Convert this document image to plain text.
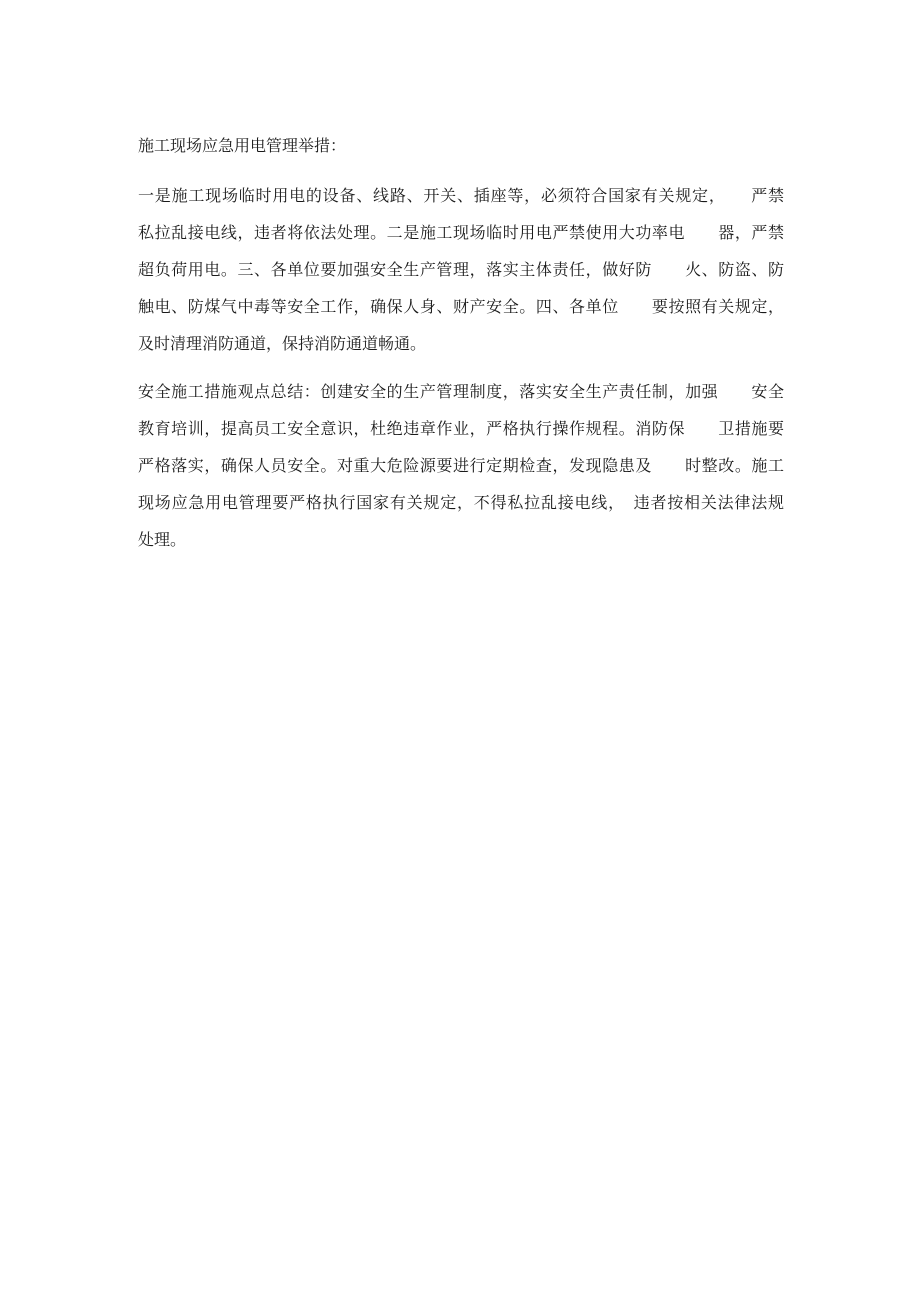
施工现场应急用电管理举措：
一是施工现场临时用电的设备、线路、开关、插座等，必须符合国家有关规定，　　严禁
私拉乱接电线，违者将依法处理。二是施工现场临时用电严禁使用大功率电　　器，严禁
超负荷用电。三、各单位要加强安全生产管理，落实主体责任，做好防　　火、防盗、防
触电、防煤气中毒等安全工作，确保人身、财产安全。四、各单位　　要按照有关规定，
及时清理消防通道，保持消防通道畅通。
安全施工措施观点总结：创建安全的生产管理制度，落实安全生产责任制，加强　　安全
教育培训，提高员工安全意识，杜绝违章作业，严格执行操作规程。消防保　　卫措施要
严格落实，确保人员安全。对重大危险源要进行定期检查，发现隐患及　　时整改。施工
现场应急用电管理要严格执行国家有关规定，不得私拉乱接电线，　违者按相关法律法规
处理。
